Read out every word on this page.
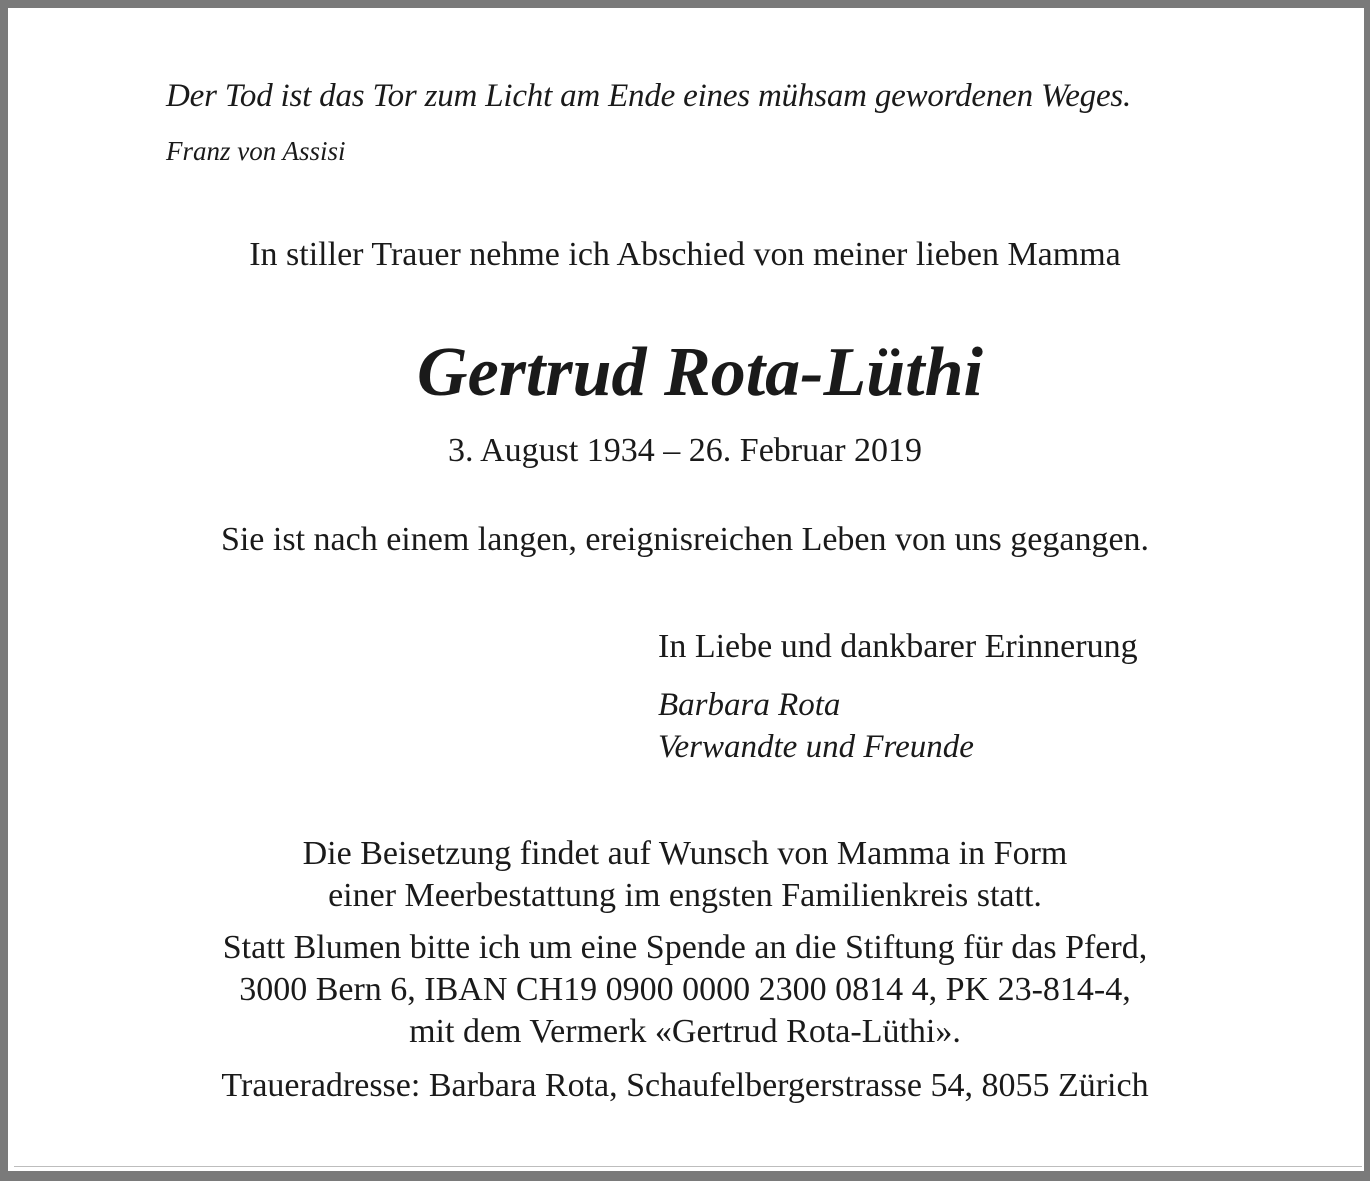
Der Tod ist das Tor zum Licht am Ende eines mühsam gewordenen Weges.
Franz von Assisi
In stiller Trauer nehme ich Abschied von meiner lieben Mamma
Gertrud Rota-Lüthi
3. August 1934 – 26. Februar 2019
Sie ist nach einem langen, ereignisreichen Leben von uns gegangen.
In Liebe und dankbarer Erinnerung
Barbara Rota
Verwandte und Freunde
Die Beisetzung findet auf Wunsch von Mamma in Form
einer Meerbestattung im engsten Familienkreis statt.
Statt Blumen bitte ich um eine Spende an die Stiftung für das Pferd,
3000 Bern 6, IBAN CH19 0900 0000 2300 0814 4, PK 23-814-4,
mit dem Vermerk «Gertrud Rota-Lüthi».
Traueradresse: Barbara Rota, Schaufelbergerstrasse 54, 8055 Zürich
